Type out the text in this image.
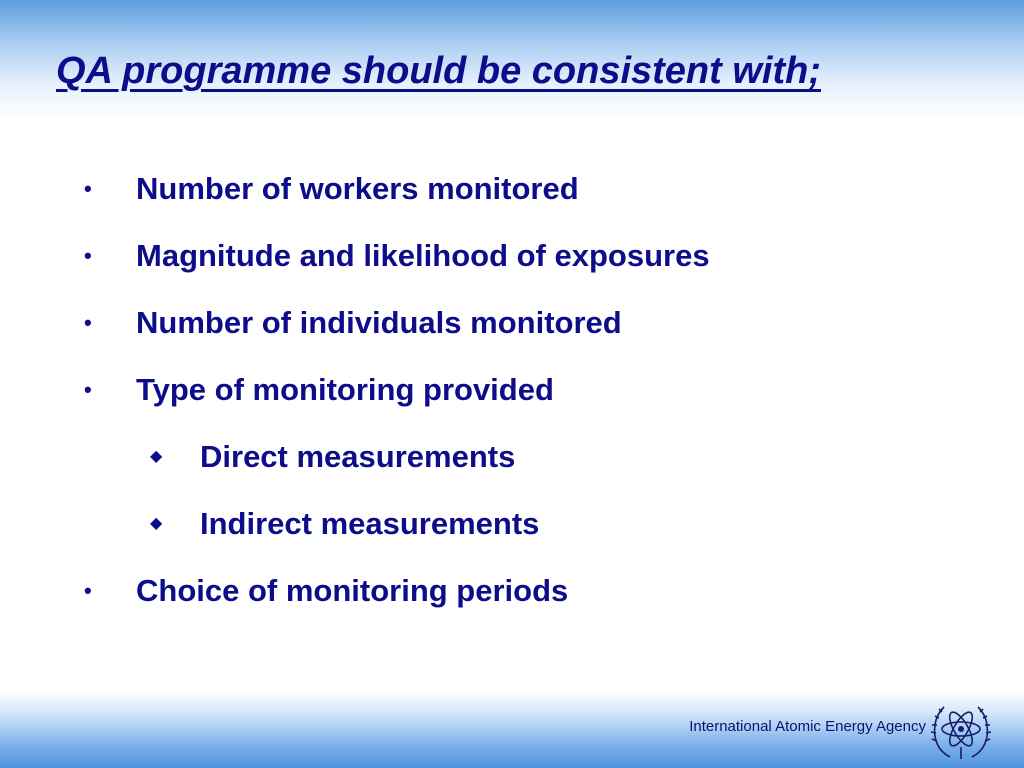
QA programme should be consistent with;
• Number of workers monitored
• Magnitude and likelihood of exposures
• Number of individuals monitored
• Type of monitoring provided
◆ Direct measurements
◆ Indirect measurements
• Choice of monitoring periods
International Atomic Energy Agency
